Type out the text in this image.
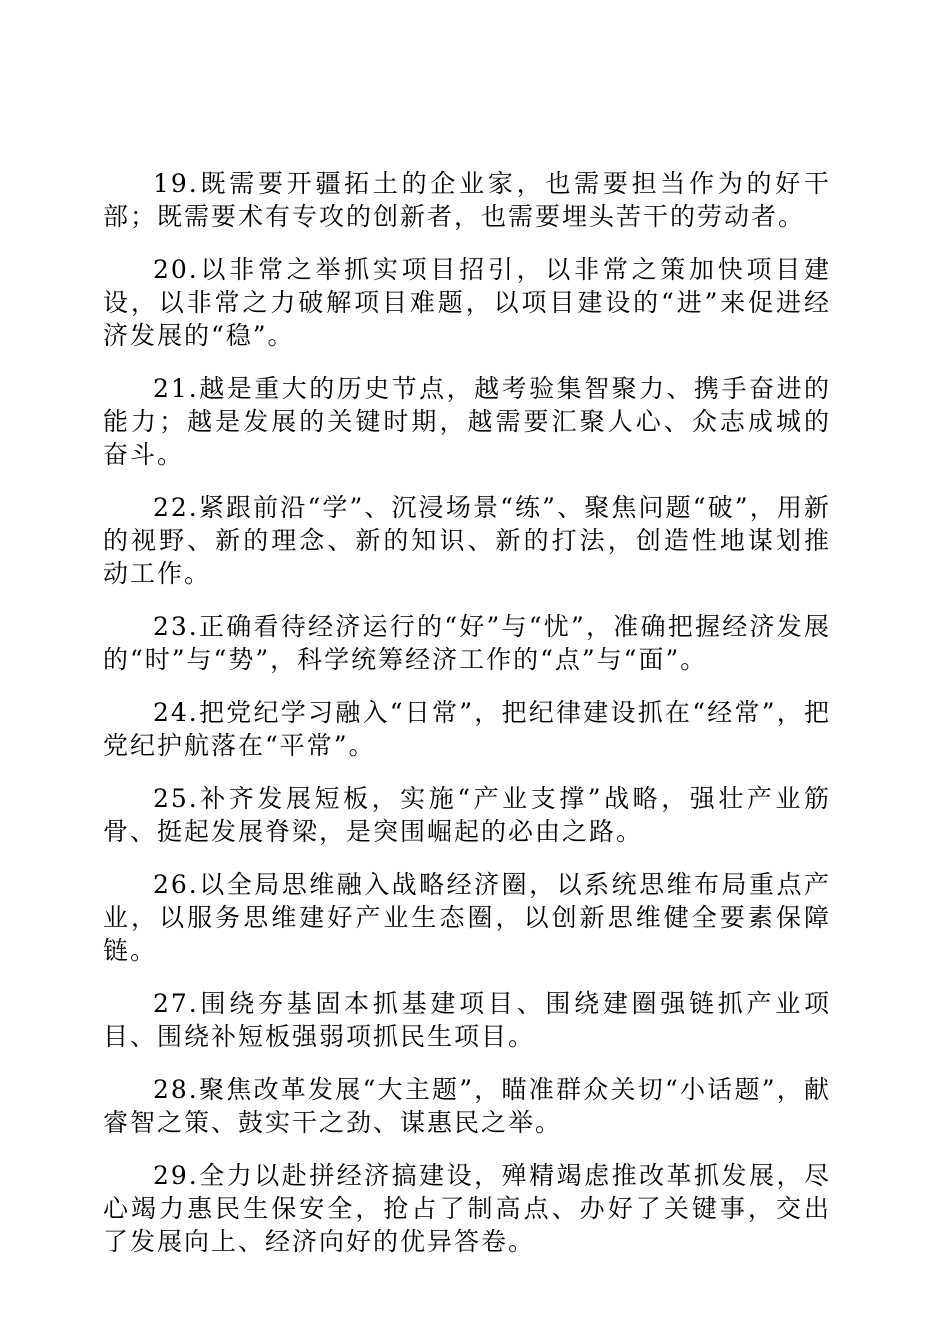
19.既需要开疆拓土的企业家，也需要担当作为的好干部；既需要术有专攻的创新者，也需要埋头苦干的劳动者。

20.以非常之举抓实项目招引，以非常之策加快项目建设，以非常之力破解项目难题，以项目建设的“进”来促进经济发展的“稳”。

21.越是重大的历史节点，越考验集智聚力、携手奋进的能力；越是发展的关键时期，越需要汇聚人心、众志成城的奋斗。

22.紧跟前沿“学”、沉浸场景“练”、聚焦问题“破”，用新的视野、新的理念、新的知识、新的打法，创造性地谋划推动工作。

23.正确看待经济运行的“好”与“忧”，准确把握经济发展的“时”与“势”，科学统筹经济工作的“点”与“面”。

24.把党纪学习融入“日常”，把纪律建设抓在“经常”，把党纪护航落在“平常”。

25.补齐发展短板，实施“产业支撑”战略，强壮产业筋骨、挺起发展脊梁，是突围崛起的必由之路。

26.以全局思维融入战略经济圈，以系统思维布局重点产业，以服务思维建好产业生态圈，以创新思维健全要素保障链。

27.围绕夯基固本抓基建项目、围绕建圈强链抓产业项目、围绕补短板强弱项抓民生项目。

28.聚焦改革发展“大主题”，瞄准群众关切“小话题”，献睿智之策、鼓实干之劲、谋惠民之举。

29.全力以赴拼经济搞建设，殚精竭虑推改革抓发展，尽心竭力惠民生保安全，抢占了制高点、办好了关键事，交出了发展向上、经济向好的优异答卷。
